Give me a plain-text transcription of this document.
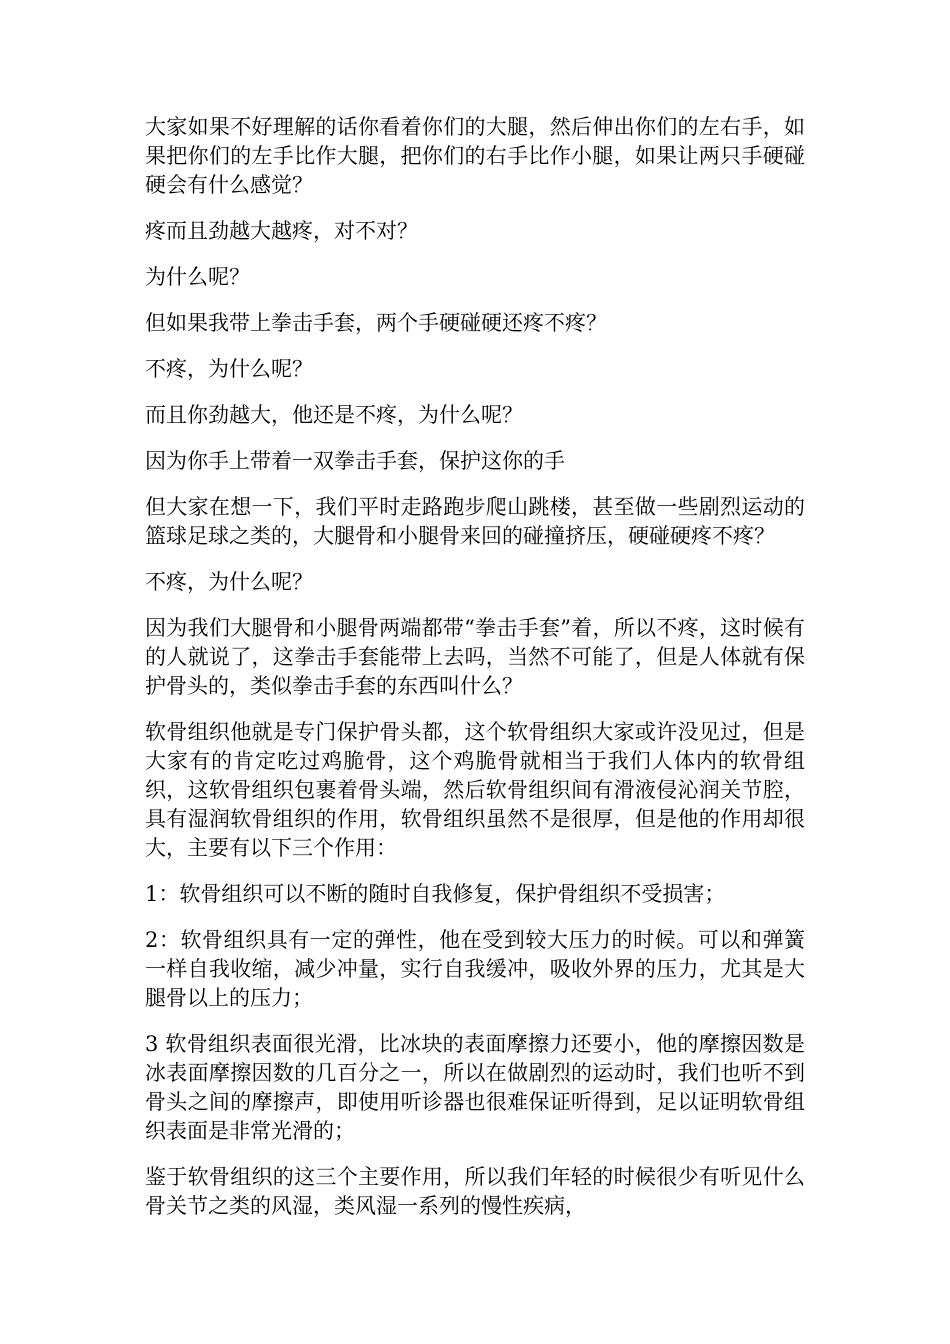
大家如果不好理解的话你看着你们的大腿，然后伸出你们的左右手，如果把你们的左手比作大腿，把你们的右手比作小腿，如果让两只手硬碰硬会有什么感觉？

疼而且劲越大越疼，对不对？

为什么呢？

但如果我带上拳击手套，两个手硬碰硬还疼不疼？

不疼，为什么呢？

而且你劲越大，他还是不疼，为什么呢？

因为你手上带着一双拳击手套，保护这你的手

但大家在想一下，我们平时走路跑步爬山跳楼，甚至做一些剧烈运动的篮球足球之类的，大腿骨和小腿骨来回的碰撞挤压，硬碰硬疼不疼？

不疼，为什么呢？

因为我们大腿骨和小腿骨两端都带“拳击手套”着，所以不疼，这时候有的人就说了，这拳击手套能带上去吗，当然不可能了，但是人体就有保护骨头的，类似拳击手套的东西叫什么？

软骨组织他就是专门保护骨头都，这个软骨组织大家或许没见过，但是大家有的肯定吃过鸡脆骨，这个鸡脆骨就相当于我们人体内的软骨组织，这软骨组织包裹着骨头端，然后软骨组织间有滑液侵沁润关节腔，具有湿润软骨组织的作用，软骨组织虽然不是很厚，但是他的作用却很大，主要有以下三个作用：

1：软骨组织可以不断的随时自我修复，保护骨组织不受损害；

2：软骨组织具有一定的弹性，他在受到较大压力的时候。可以和弹簧一样自我收缩，减少冲量，实行自我缓冲，吸收外界的压力，尤其是大腿骨以上的压力；

3 软骨组织表面很光滑，比冰块的表面摩擦力还要小，他的摩擦因数是冰表面摩擦因数的几百分之一，所以在做剧烈的运动时，我们也听不到骨头之间的摩擦声，即使用听诊器也很难保证听得到，足以证明软骨组织表面是非常光滑的；

鉴于软骨组织的这三个主要作用，所以我们年轻的时候很少有听见什么骨关节之类的风湿，类风湿一系列的慢性疾病，
